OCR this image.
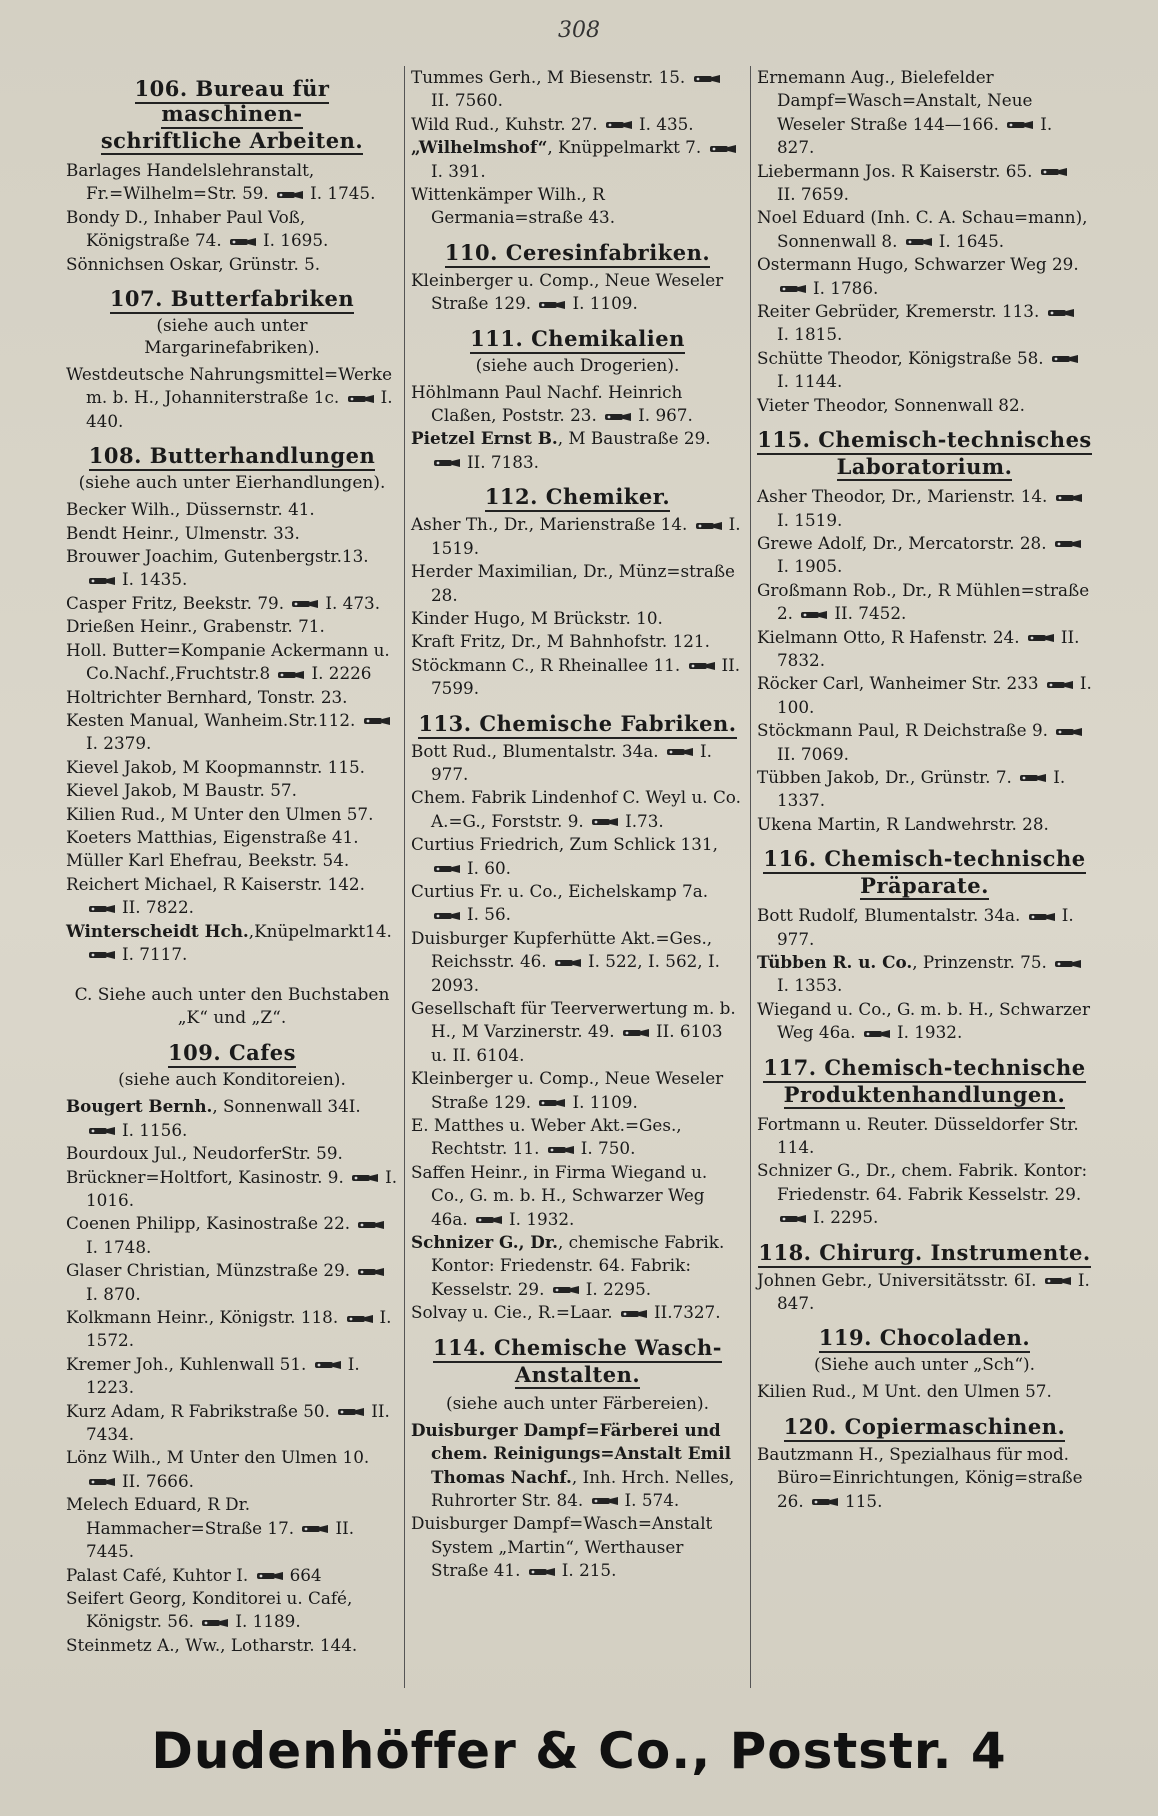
308
106. Bureau für maschinen-
schriftliche Arbeiten.

Barlages Handelslehranstalt, Fr.=Wilhelm=Str. 59. I. 1745.

Bondy D., Inhaber Paul Voß, Königstraße 74. I. 1695.

Sönnichsen Oskar, Grünstr. 5.

107. Butterfabriken
(siehe auch unter Margarinefabriken).

Westdeutsche Nahrungsmittel=Werke m. b. H., Johanniterstraße 1c. I. 440.

108. Butterhandlungen
(siehe auch unter Eierhandlungen).

Becker Wilh., Düssernstr. 41.

Bendt Heinr., Ulmenstr. 33.

Brouwer Joachim, Gutenbergstr.13.
I. 1435.

Casper Fritz, Beekstr. 79. I. 473.

Drießen Heinr., Grabenstr. 71.

Holl. Butter=Kompanie Ackermann u. Co.Nachf.,Fruchtstr.8 I. 2226

Holtrichter Bernhard, Tonstr. 23.

Kesten Manual, Wanheim.Str.112.
I. 2379.

Kievel Jakob, M Koopmannstr. 115.

Kievel Jakob, M Baustr. 57.

Kilien Rud., M Unter den Ulmen 57.

Koeters Matthias, Eigenstraße 41.

Müller Karl Ehefrau, Beekstr. 54.

Reichert Michael, R Kaiserstr. 142.
II. 7822.

Winterscheidt Hch.,Knüpelmarkt14.
I. 7117.

C. Siehe auch unter den Buchstaben „K“ und „Z“.
109. Cafes
(siehe auch Konditoreien).

Bougert Bernh., Sonnenwall 34I.
I. 1156.

Bourdoux Jul., NeudorferStr. 59.

Brückner=Holtfort, Kasinostr. 9. I. 1016.

Coenen Philipp, Kasinostraße 22.
I. 1748.

Glaser Christian, Münzstraße 29.
I. 870.

Kolkmann Heinr., Königstr. 118. I. 1572.

Kremer Joh., Kuhlenwall 51. I. 1223.

Kurz Adam, R Fabrikstraße 50. II. 7434.

Lönz Wilh., M Unter den Ulmen 10.
II. 7666.

Melech Eduard, R Dr. Hammacher=Straße 17. II. 7445.

Palast Café, Kuhtor I. 664

Seifert Georg, Konditorei u. Café, Königstr. 56. I. 1189.

Steinmetz A., Ww., Lotharstr. 144.

Tummes Gerh., M Biesenstr. 15.
II. 7560.

Wild Rud., Kuhstr. 27. I. 435.

„Wilhelmshof“, Knüppelmarkt 7.
I. 391.

Wittenkämper Wilh., R Germania=straße 43.

110. Ceresinfabriken.

Kleinberger u. Comp., Neue Weseler Straße 129. I. 1109.

111. Chemikalien
(siehe auch Drogerien).

Höhlmann Paul Nachf. Heinrich Claßen, Poststr. 23. I. 967.

Pietzel Ernst B., M Baustraße 29.
II. 7183.

112. Chemiker.

Asher Th., Dr., Marienstraße 14. I. 1519.

Herder Maximilian, Dr., Münz=straße 28.

Kinder Hugo, M Brückstr. 10.

Kraft Fritz, Dr., M Bahnhofstr. 121.

Stöckmann C., R Rheinallee 11. II. 7599.

113. Chemische Fabriken.

Bott Rud., Blumentalstr. 34a. I. 977.

Chem. Fabrik Lindenhof C. Weyl u. Co. A.=G., Forststr. 9. I.73.

Curtius Friedrich, Zum Schlick 131,
I. 60.

Curtius Fr. u. Co., Eichelskamp 7a.
I. 56.

Duisburger Kupferhütte Akt.=Ges., Reichsstr. 46. I. 522, I. 562, I. 2093.

Gesellschaft für Teerverwertung m. b. H., M Varzinerstr. 49. II. 6103 u. II. 6104.

Kleinberger u. Comp., Neue Weseler Straße 129. I. 1109.

E. Matthes u. Weber Akt.=Ges., Rechtstr. 11. I. 750.

Saffen Heinr., in Firma Wiegand u. Co., G. m. b. H., Schwarzer Weg 46a. I. 1932.

Schnizer G., Dr., chemische Fabrik. Kontor: Friedenstr. 64. Fabrik: Kesselstr. 29. I. 2295.

Solvay u. Cie., R.=Laar. II.7327.

114. Chemische Wasch-
Anstalten.
(siehe auch unter Färbereien).

Duisburger Dampf=Färberei und chem. Reinigungs=Anstalt Emil Thomas Nachf., Inh. Hrch. Nelles, Ruhrorter Str. 84. I. 574.

Duisburger Dampf=Wasch=Anstalt System „Martin“, Werthauser Straße 41. I. 215.

Ernemann Aug., Bielefelder Dampf=Wasch=Anstalt, Neue Weseler Straße 144—166. I. 827.

Liebermann Jos. R Kaiserstr. 65.
II. 7659.

Noel Eduard (Inh. C. A. Schau=mann), Sonnenwall 8. I. 1645.

Ostermann Hugo, Schwarzer Weg 29.
I. 1786.

Reiter Gebrüder, Kremerstr. 113.
I. 1815.

Schütte Theodor, Königstraße 58.
I. 1144.

Vieter Theodor, Sonnenwall 82.

115. Chemisch-technisches
Laboratorium.

Asher Theodor, Dr., Marienstr. 14.
I. 1519.

Grewe Adolf, Dr., Mercatorstr. 28.
I. 1905.

Großmann Rob., Dr., R Mühlen=straße 2. II. 7452.

Kielmann Otto, R Hafenstr. 24. II. 7832.

Röcker Carl, Wanheimer Str. 233 I. 100.

Stöckmann Paul, R Deichstraße 9.
II. 7069.

Tübben Jakob, Dr., Grünstr. 7. I. 1337.

Ukena Martin, R Landwehrstr. 28.

116. Chemisch-technische
Präparate.

Bott Rudolf, Blumentalstr. 34a. I. 977.

Tübben R. u. Co., Prinzenstr. 75.
I. 1353.

Wiegand u. Co., G. m. b. H., Schwarzer Weg 46a. I. 1932.

117. Chemisch-technische
Produktenhandlungen.

Fortmann u. Reuter. Düsseldorfer Str. 114.

Schnizer G., Dr., chem. Fabrik. Kontor: Friedenstr. 64. Fabrik Kesselstr. 29.
I. 2295.

118. Chirurg. Instrumente.

Johnen Gebr., Universitätsstr. 6I. I. 847.

119. Chocoladen.
(Siehe auch unter „Sch“).

Kilien Rud., M Unt. den Ulmen 57.

120. Copiermaschinen.

Bautzmann H., Spezialhaus für mod. Büro=Einrichtungen, König=straße 26. 115.

Dudenhöffer & Co., Poststr. 4
